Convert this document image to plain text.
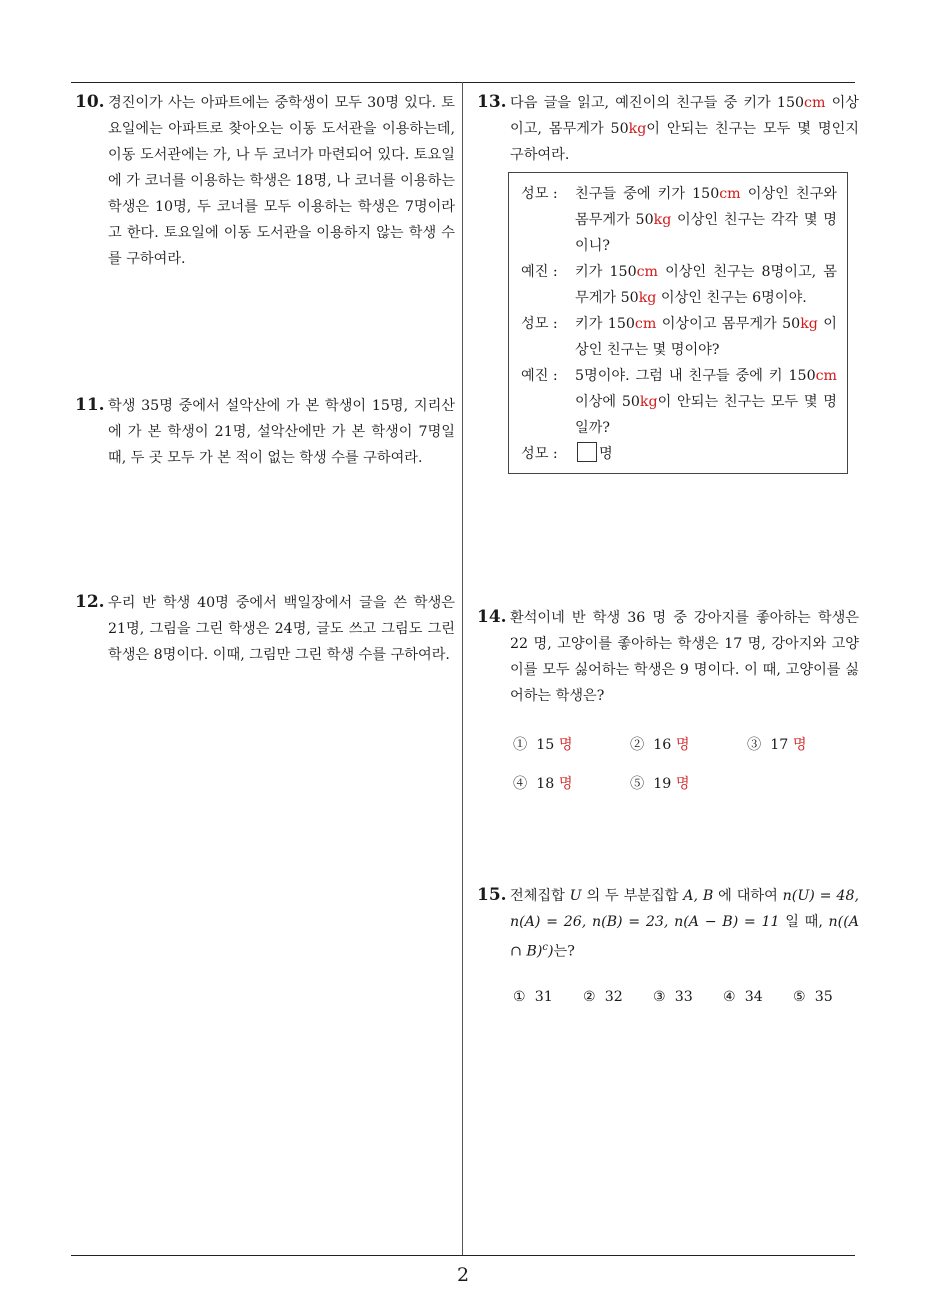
10. 경진이가 사는 아파트에는 중학생이 모두 30명 있다. 토요일에는 아파트로 찾아오는 이동 도서관을 이용하는데, 이동 도서관에는 가, 나 두 코너가 마련되어 있다. 토요일에 가 코너를 이용하는 학생은 18명, 나 코너를 이용하는 학생은 10명, 두 코너를 모두 이용하는 학생은 7명이라고 한다. 토요일에 이동 도서관을 이용하지 않는 학생 수를 구하여라.
11. 학생 35명 중에서 설악산에 가 본 학생이 15명, 지리산에 가 본 학생이 21명, 설악산에만 가 본 학생이 7명일 때, 두 곳 모두 가 본 적이 없는 학생 수를 구하여라.
12. 우리 반 학생 40명 중에서 백일장에서 글을 쓴 학생은 21명, 그림을 그린 학생은 24명, 글도 쓰고 그림도 그린 학생은 8명이다. 이때, 그림만 그린 학생 수를 구하여라.
13. 다음 글을 읽고, 예진이의 친구들 중 키가 150cm 이상이고, 몸무게가 50kg이 안되는 친구는 모두 몇 명인지 구하여라.
성모 : 친구들 중에 키가 150cm 이상인 친구와 몸무게가 50kg 이상인 친구는 각각 몇 명이니?
예진 : 키가 150cm 이상인 친구는 8명이고, 몸무게가 50kg 이상인 친구는 6명이야.
성모 : 키가 150cm 이상이고 몸무게가 50kg 이상인 친구는 몇 명이야?
예진 : 5명이야. 그럼 내 친구들 중에 키 150cm 이상에 50kg이 안되는 친구는 모두 몇 명일까?
성모 :	명
14. 환석이네 반 학생 36 명 중 강아지를 좋아하는 학생은 22 명, 고양이를 좋아하는 학생은 17 명, 강아지와 고양이를 모두 싫어하는 학생은 9 명이다. 이 때, 고양이를 싫어하는 학생은?
① 15 명	② 16 명	③ 17 명
④ 18 명	⑤ 19 명
15. 전체집합 U 의 두 부분집합 A, B 에 대하여 n(U) = 48, n(A) = 26, n(B) = 23, n(A − B) = 11 일 때, n((A ∩ B)$^c$)는?
① 31 ② 32 ③ 33 ④ 34 ⑤ 35
2
